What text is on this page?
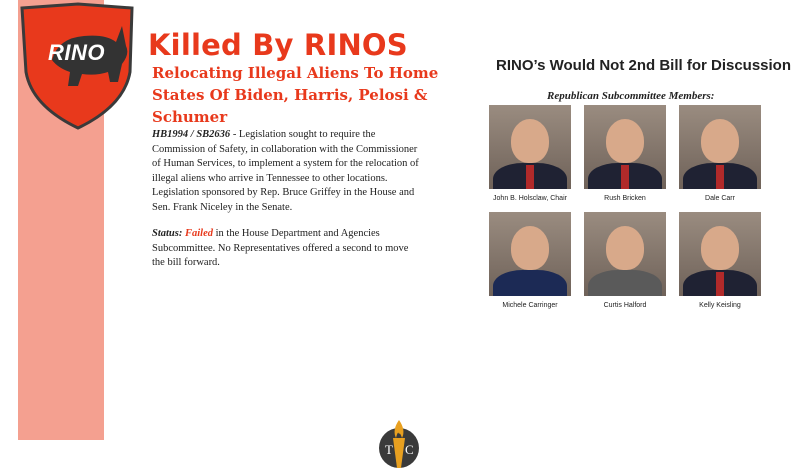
RINO Killed By RINOS
Relocating Illegal Aliens To Home States Of Biden, Harris, Pelosi & Schumer

HB1994 / SB2636 - Legislation sought to require the Commission of Safety, in collaboration with the Commissioner of Human Services, to implement a system for the relocation of illegal aliens who arrive in Tennessee to other locations. Legislation sponsored by Rep. Bruce Griffey in the House and Sen. Frank Niceley in the Senate.

Status: Failed in the House Department and Agencies Subcommittee. No Representatives offered a second to move the bill forward.

RINO’s Would Not 2nd Bill for Discussion
Republican Subcommittee Members:
John B. Holsclaw, Chair	Rush Bricken	Dale Carr
Michele Carringer	Curtis Halford	Kelly Keisling
T C
